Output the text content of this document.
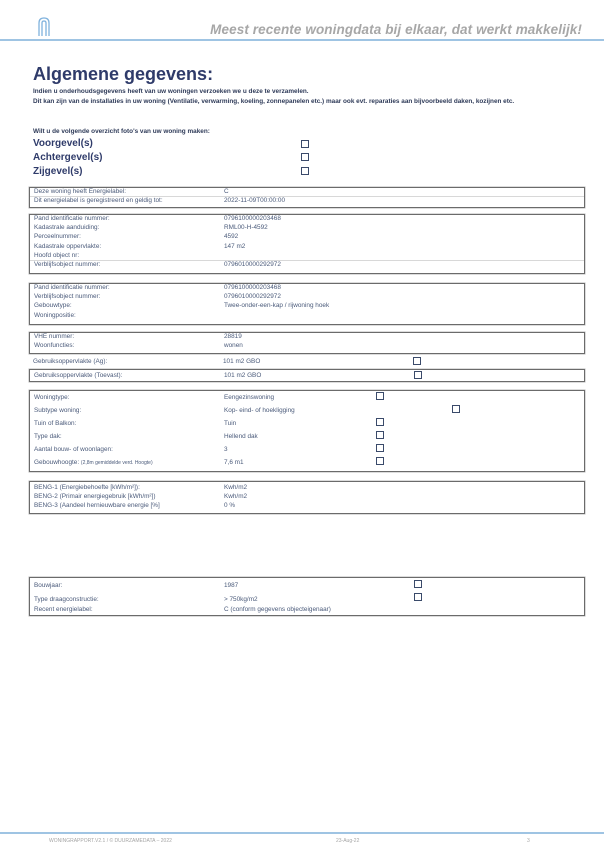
Meest recente woningdata bij elkaar, dat werkt makkelijk!
Algemene gegevens:
Indien u onderhoudsgegevens heeft van uw woningen verzoeken we u deze te verzamelen.
Dit kan zijn van de installaties in uw woning (Ventilatie, verwarming, koeling, zonnepanelen etc.) maar ook evt. reparaties aan bijvoorbeeld daken, kozijnen etc.
Wilt u de volgende overzicht foto's van uw woning maken:
Voorgevel(s)
Achtergevel(s)
Zijgevel(s)
Deze woning heeft Energielabel:	C
Dit energielabel is geregistreerd en geldig tot:	2022-11-09T00:00:00
Pand identificatie nummer:	0796100000203468
Kadastrale aanduiding:	RML00-H-4592
Perceelnummer:	4592
Kadastrale oppervlakte:	147 m2
Hoofd object nr:
Verblijfsobject nummer:	0796010000292972
Pand identificatie nummer:	0796100000203468
Verblijfsobject nummer:	0796010000292972
Gebouwtype:	Twee-onder-een-kap / rijwoning hoek
Woningpositie:
VHE nummer:	28819
Woonfuncties:	wonen
Gebruiksoppervlakte (Ag):	101 m2 GBO
Gebruiksoppervlakte (Toevast):	101 m2 GBO
Woningtype:	Eengezinswoning
Subtype woning:	Kop- eind- of hoekligging
Tuin of Balkon:	Tuin
Type dak:	Hellend dak
Aantal bouw- of woonlagen:	3
Gebouwhoogte: (2,8m gemiddelde verd. Hoogte)	7,6 m1
BENG-1 (Energiebehoefte [kWh/m²]):	Kwh/m2
BENG-2 (Primair energiegebruik [kWh/m²])	Kwh/m2
BENG-3 (Aandeel hernieuwbare energie [%]	0 %
Bouwjaar:	1987
Type draagconstructie:	> 750kg/m2
Recent energielabel:	C (conform gegevens objecteigenaar)
WONINGRAPPORT.V2.1 / © DUURZAMEDATA – 2022	23-Aug-22	3
